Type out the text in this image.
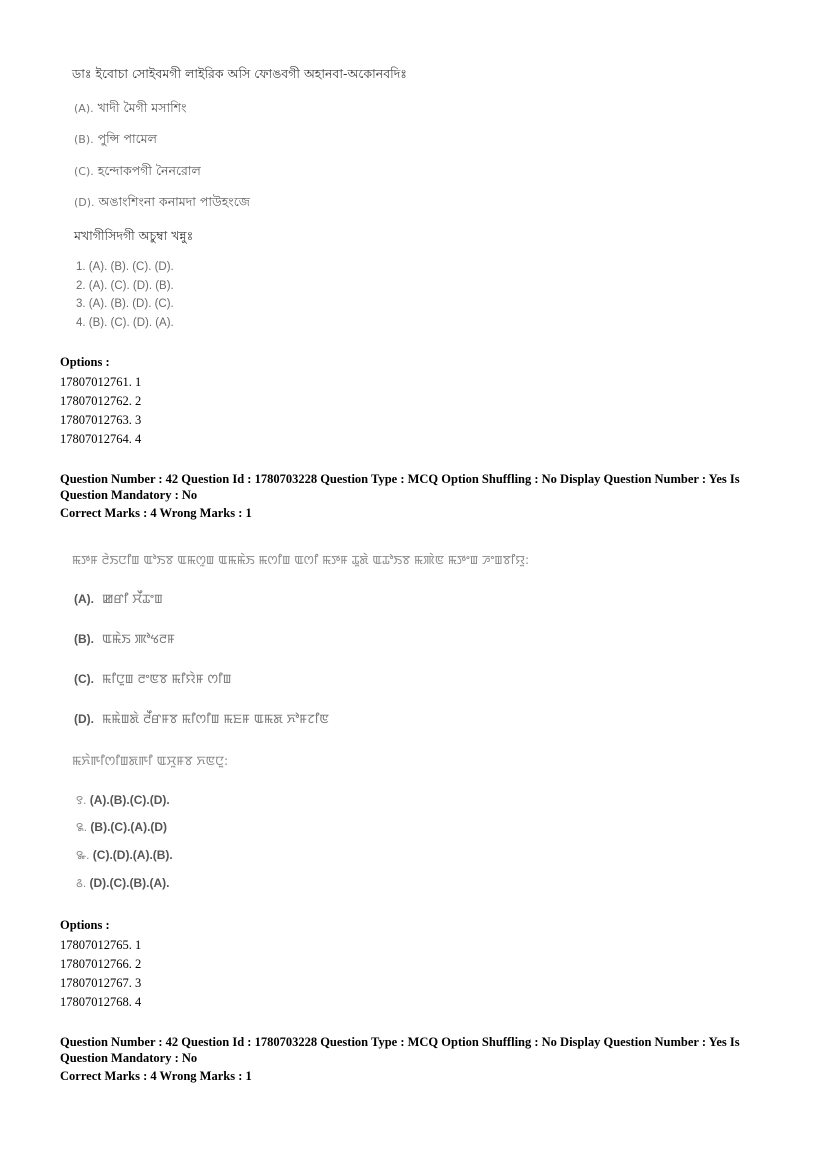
ডাঃ ইবোচা সোইবমগী লাইরিক অসি ফোঙবগী অহানবা-অকোনবদিঃ
(A). খাদী মৈগী মসাশিং
(B). পুন্সি পামেল
(C). হন্দোকপগী নৈনরোল
(D). অঙাংশিংনা কনামদা পাউহংজে
মখাগীসিদগী অচুম্বা খন্নুঃ
1. (A). (B). (C). (D).
2. (A). (C). (D). (B).
3. (A). (B). (D). (C).
4. (B). (C). (D). (A).
Options :
17807012761. 1
17807012762. 2
17807012763. 3
17807012764. 4
Question Number : 42 Question Id : 1780703228 Question Type : MCQ Option Shuffling : No Display Question Number : Yes Is
Question Mandatory : No
Correct Marks : 4 Wrong Marks : 1
ꯃꯇꯝ ꯂꯥꯏꯅꯤꯡ ꯑꯣꯏꯕ ꯑꯃꯁꯨꯡ ꯑꯃꯃꯥꯏ ꯃꯁꯤꯡ ꯑꯁꯤ ꯃꯇꯝ ꯊꯨꯗꯥ ꯑꯊꯣꯏꯕ ꯃꯄꯥꯟ ꯃꯇꯦꯡ ꯍꯦꯡꯕꯤꯌꯨ:
(A). ꯀꯔꯤ ꯆꯩꯊꯦꯡ
(B). ꯑꯃꯥꯏ ꯄꯣꯠꯂꯝ
(C). ꯃꯤꯅꯨꯡ ꯂꯦꯟꯕ ꯃꯤꯌꯥꯝ ꯁꯤꯡ
(D). ꯃꯃꯥꯡꯗꯥ ꯂꯩꯔꯝꯕ ꯃꯤꯁꯤꯡ ꯃꯐꯝ ꯑꯃꯗ ꯈꯣꯝꯖꯤꯟ
ꯃꯈꯥꯒꯤꯁꯤꯡꯗꯒꯤ ꯑꯆꯨꯝꯕ ꯈꯟꯅꯨ:
꯱. (A).(B).(C).(D).
꯲. (B).(C).(A).(D)
꯳. (C).(D).(A).(B).
꯴. (D).(C).(B).(A).
Options :
17807012765. 1
17807012766. 2
17807012767. 3
17807012768. 4
Question Number : 42 Question Id : 1780703228 Question Type : MCQ Option Shuffling : No Display Question Number : Yes Is
Question Mandatory : No
Correct Marks : 4 Wrong Marks : 1
